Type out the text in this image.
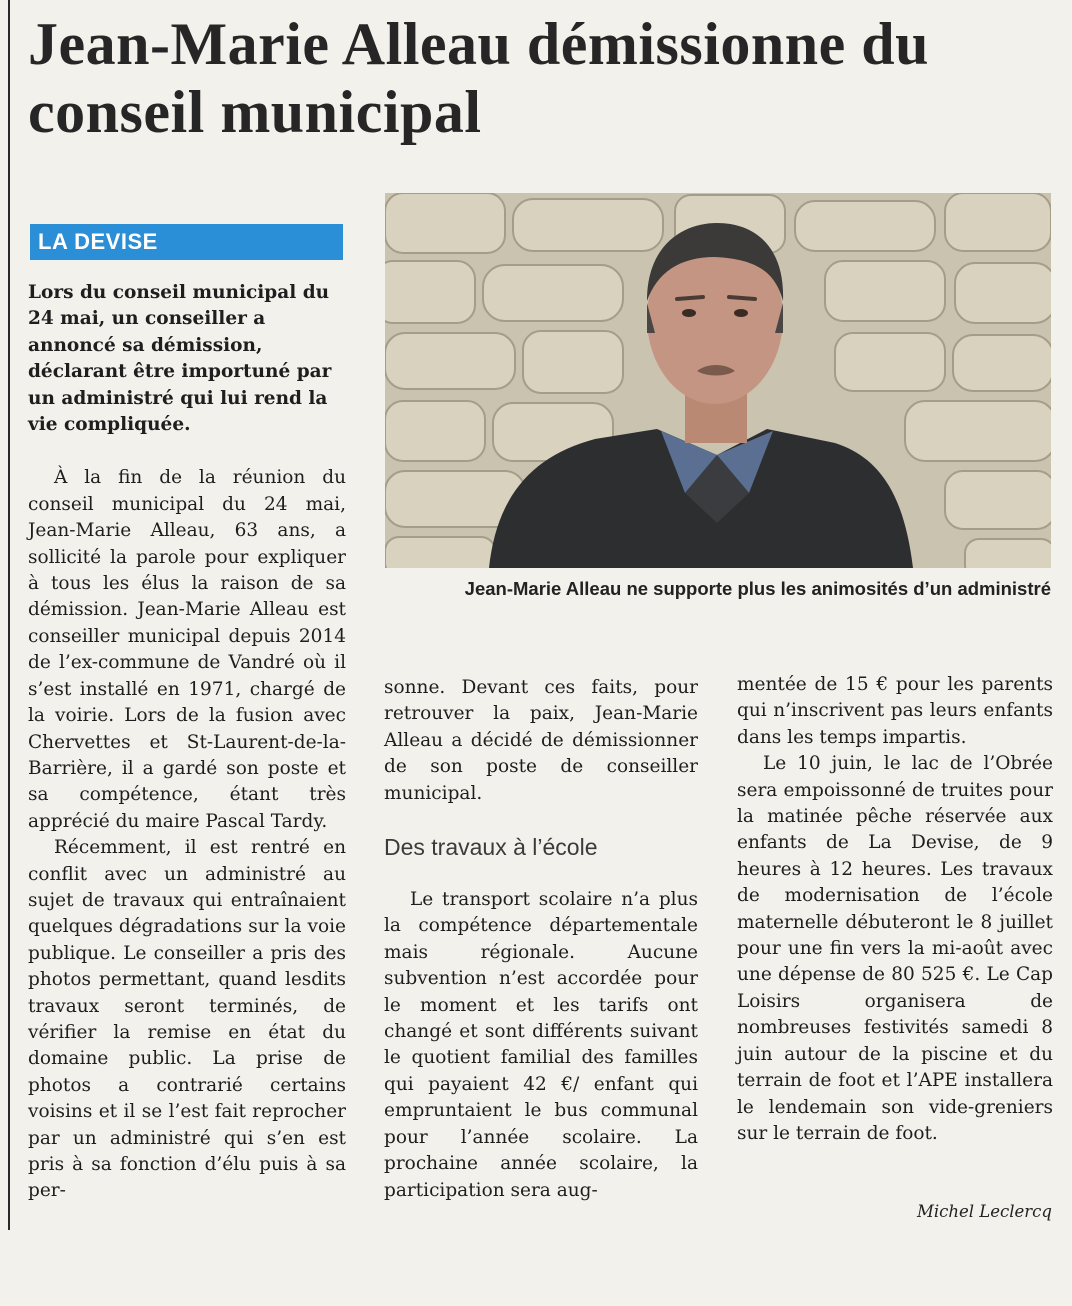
Jean-Marie Alleau démissionne du conseil municipal
LA DEVISE

Lors du conseil municipal du 24 mai, un conseiller a annoncé sa démission, déclarant être importuné par un administré qui lui rend la vie compliquée.

À la fin de la réunion du conseil municipal du 24 mai, Jean-Marie Alleau, 63 ans, a sollicité la parole pour expliquer à tous les élus la raison de sa démission. Jean-Marie Alleau est conseiller municipal depuis 2014 de l’ex-commune de Vandré où il s’est installé en 1971, chargé de la voirie. Lors de la fusion avec Chervettes et St-Laurent-de-la-Barrière, il a gardé son poste et sa compétence, étant très apprécié du maire Pascal Tardy.

Récemment, il est rentré en conflit avec un administré au sujet de travaux qui entraînaient quelques dégradations sur la voie publique. Le conseiller a pris des photos permettant, quand lesdits travaux seront terminés, de vérifier la remise en état du domaine public. La prise de photos a contrarié certains voisins et il se l’est fait reprocher par un administré qui s’en est pris à sa fonction d’élu puis à sa per-

Jean-Marie Alleau ne supporte plus les animosités d’un administré

sonne. Devant ces faits, pour retrouver la paix, Jean-Marie Alleau a décidé de démissionner de son poste de conseiller municipal.

Des travaux à l’école

Le transport scolaire n’a plus la compétence départementale mais régionale. Aucune subvention n’est accordée pour le moment et les tarifs ont changé et sont différents suivant le quotient familial des familles qui payaient 42 €/ enfant qui empruntaient le bus communal pour l’année scolaire. La prochaine année scolaire, la participation sera aug-

mentée de 15 € pour les parents qui n’inscrivent pas leurs enfants dans les temps impartis.

Le 10 juin, le lac de l’Obrée sera empoissonné de truites pour la matinée pêche réservée aux enfants de La Devise, de 9 heures à 12 heures. Les travaux de modernisation de l’école maternelle débuteront le 8 juillet pour une fin vers la mi-août avec une dépense de 80 525 €. Le Cap Loisirs organisera de nombreuses festivités samedi 8 juin autour de la piscine et du terrain de foot et l’APE installera le lendemain son vide-greniers sur le terrain de foot.

Michel Leclercq
